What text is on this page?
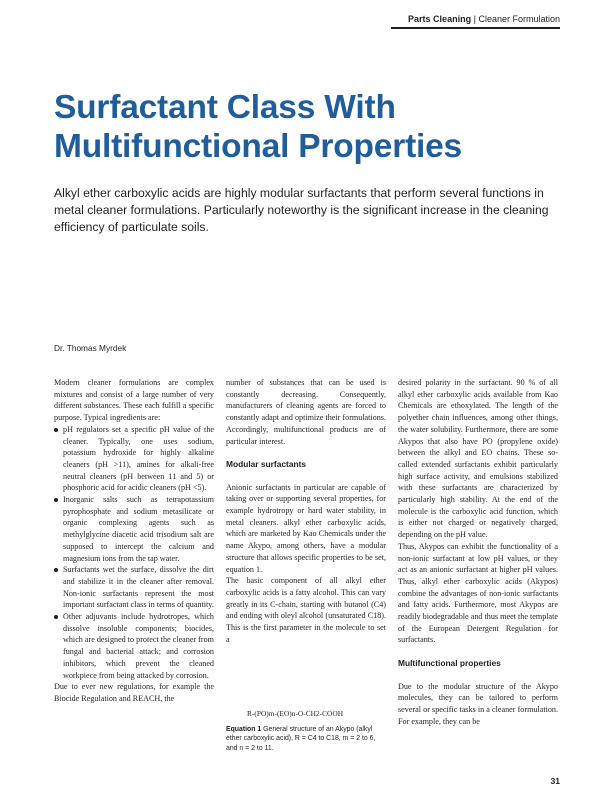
Parts Cleaning | Cleaner Formulation
Surfactant Class With Multifunctional Properties

Alkyl ether carboxylic acids are highly modular surfactants that perform several functions in metal cleaner formulations. Particularly noteworthy is the significant increase in the cleaning efficiency of particulate soils.

Dr. Thomas Myrdek

Modern cleaner formulations are complex mixtures and consist of a large number of very different substances. These each fulfill a specific purpose. Typical ingredients are:

pH regulators set a specific pH value of the cleaner. Typically, one uses sodium, potassium hydroxide for highly alkaline cleaners (pH >11), amines for alkali-free neutral cleaners (pH between 11 and 5) or phosphoric acid for acidic cleaners (pH <5).
Inorganic salts such as tetrapotassium pyrophosphate and sodium metasilicate or organic complexing agents such as methylglycine diacetic acid trisodium salt are supposed to intercept the calcium and magnesium ions from the tap water.
Surfactants wet the surface, dissolve the dirt and stabilize it in the cleaner after removal. Non-ionic surfactants represent the most important surfactant class in terms of quantity.
Other adjuvants include hydrotropes, which dissolve insoluble components; biocides, which are designed to protect the cleaner from fungal and bacterial attack; and corrosion inhibitors, which prevent the cleaned workpiece from being attacked by corrosion.

Due to ever new regulations, for example the Biocide Regulation and REACH, the

number of substances that can be used is constantly decreasing. Consequently, manufacturers of cleaning agents are forced to constantly adapt and optimize their formulations. Accordingly, multifunctional products are of particular interest.

Modular surfactants

Anionic surfactants in particular are capable of taking over or supporting several properties, for example hydrotropy or hard water stability, in metal cleaners. alkyl ether carboxylic acids, which are marketed by Kao Chemicals under the name Akypo, among others, have a modular structure that allows specific properties to be set, equation 1.

The basic component of all alkyl ether carboxylic acids is a fatty alcohol. This can vary greatly in its C-chain, starting with butanol (C4) and ending with oleyl alcohol (unsaturated C18). This is the first parameter in the molecule to set a

R-(PO)m-(EO)n-O-CH2-COOH

Equation 1 General structure of an Akypo (alkyl ether carboxylic acid), R = C4 to C18, m = 2 to 6, and n = 2 to 11.

desired polarity in the surfactant. 90 % of all alkyl ether carboxylic acids available from Kao Chemicals are ethoxylated. The length of the polyether chain influences, among other things, the water solubility. Furthermore, there are some Akypos that also have PO (propylene oxide) between the alkyl and EO chains. These so-called extended surfactants exhibit particularly high surface activity, and emulsions stabilized with these surfactants are characterized by particularly high stability. At the end of the molecule is the carboxylic acid function, which is either not charged or negatively charged, depending on the pH value.

Thus, Akypos can exhibit the functionality of a non-ionic surfactant at low pH values, or they act as an anionic surfactant at higher pH values. Thus, alkyl ether carboxylic acids (Akypos) combine the advantages of non-ionic surfactants and fatty acids. Furthermore, most Akypos are readily biodegradable and thus meet the template of the European Detergent Regulation for surfactants.

Multifunctional properties

Due to the modular structure of the Akypo molecules, they can be tailored to perform several or specific tasks in a cleaner formulation. For example, they can be

31
